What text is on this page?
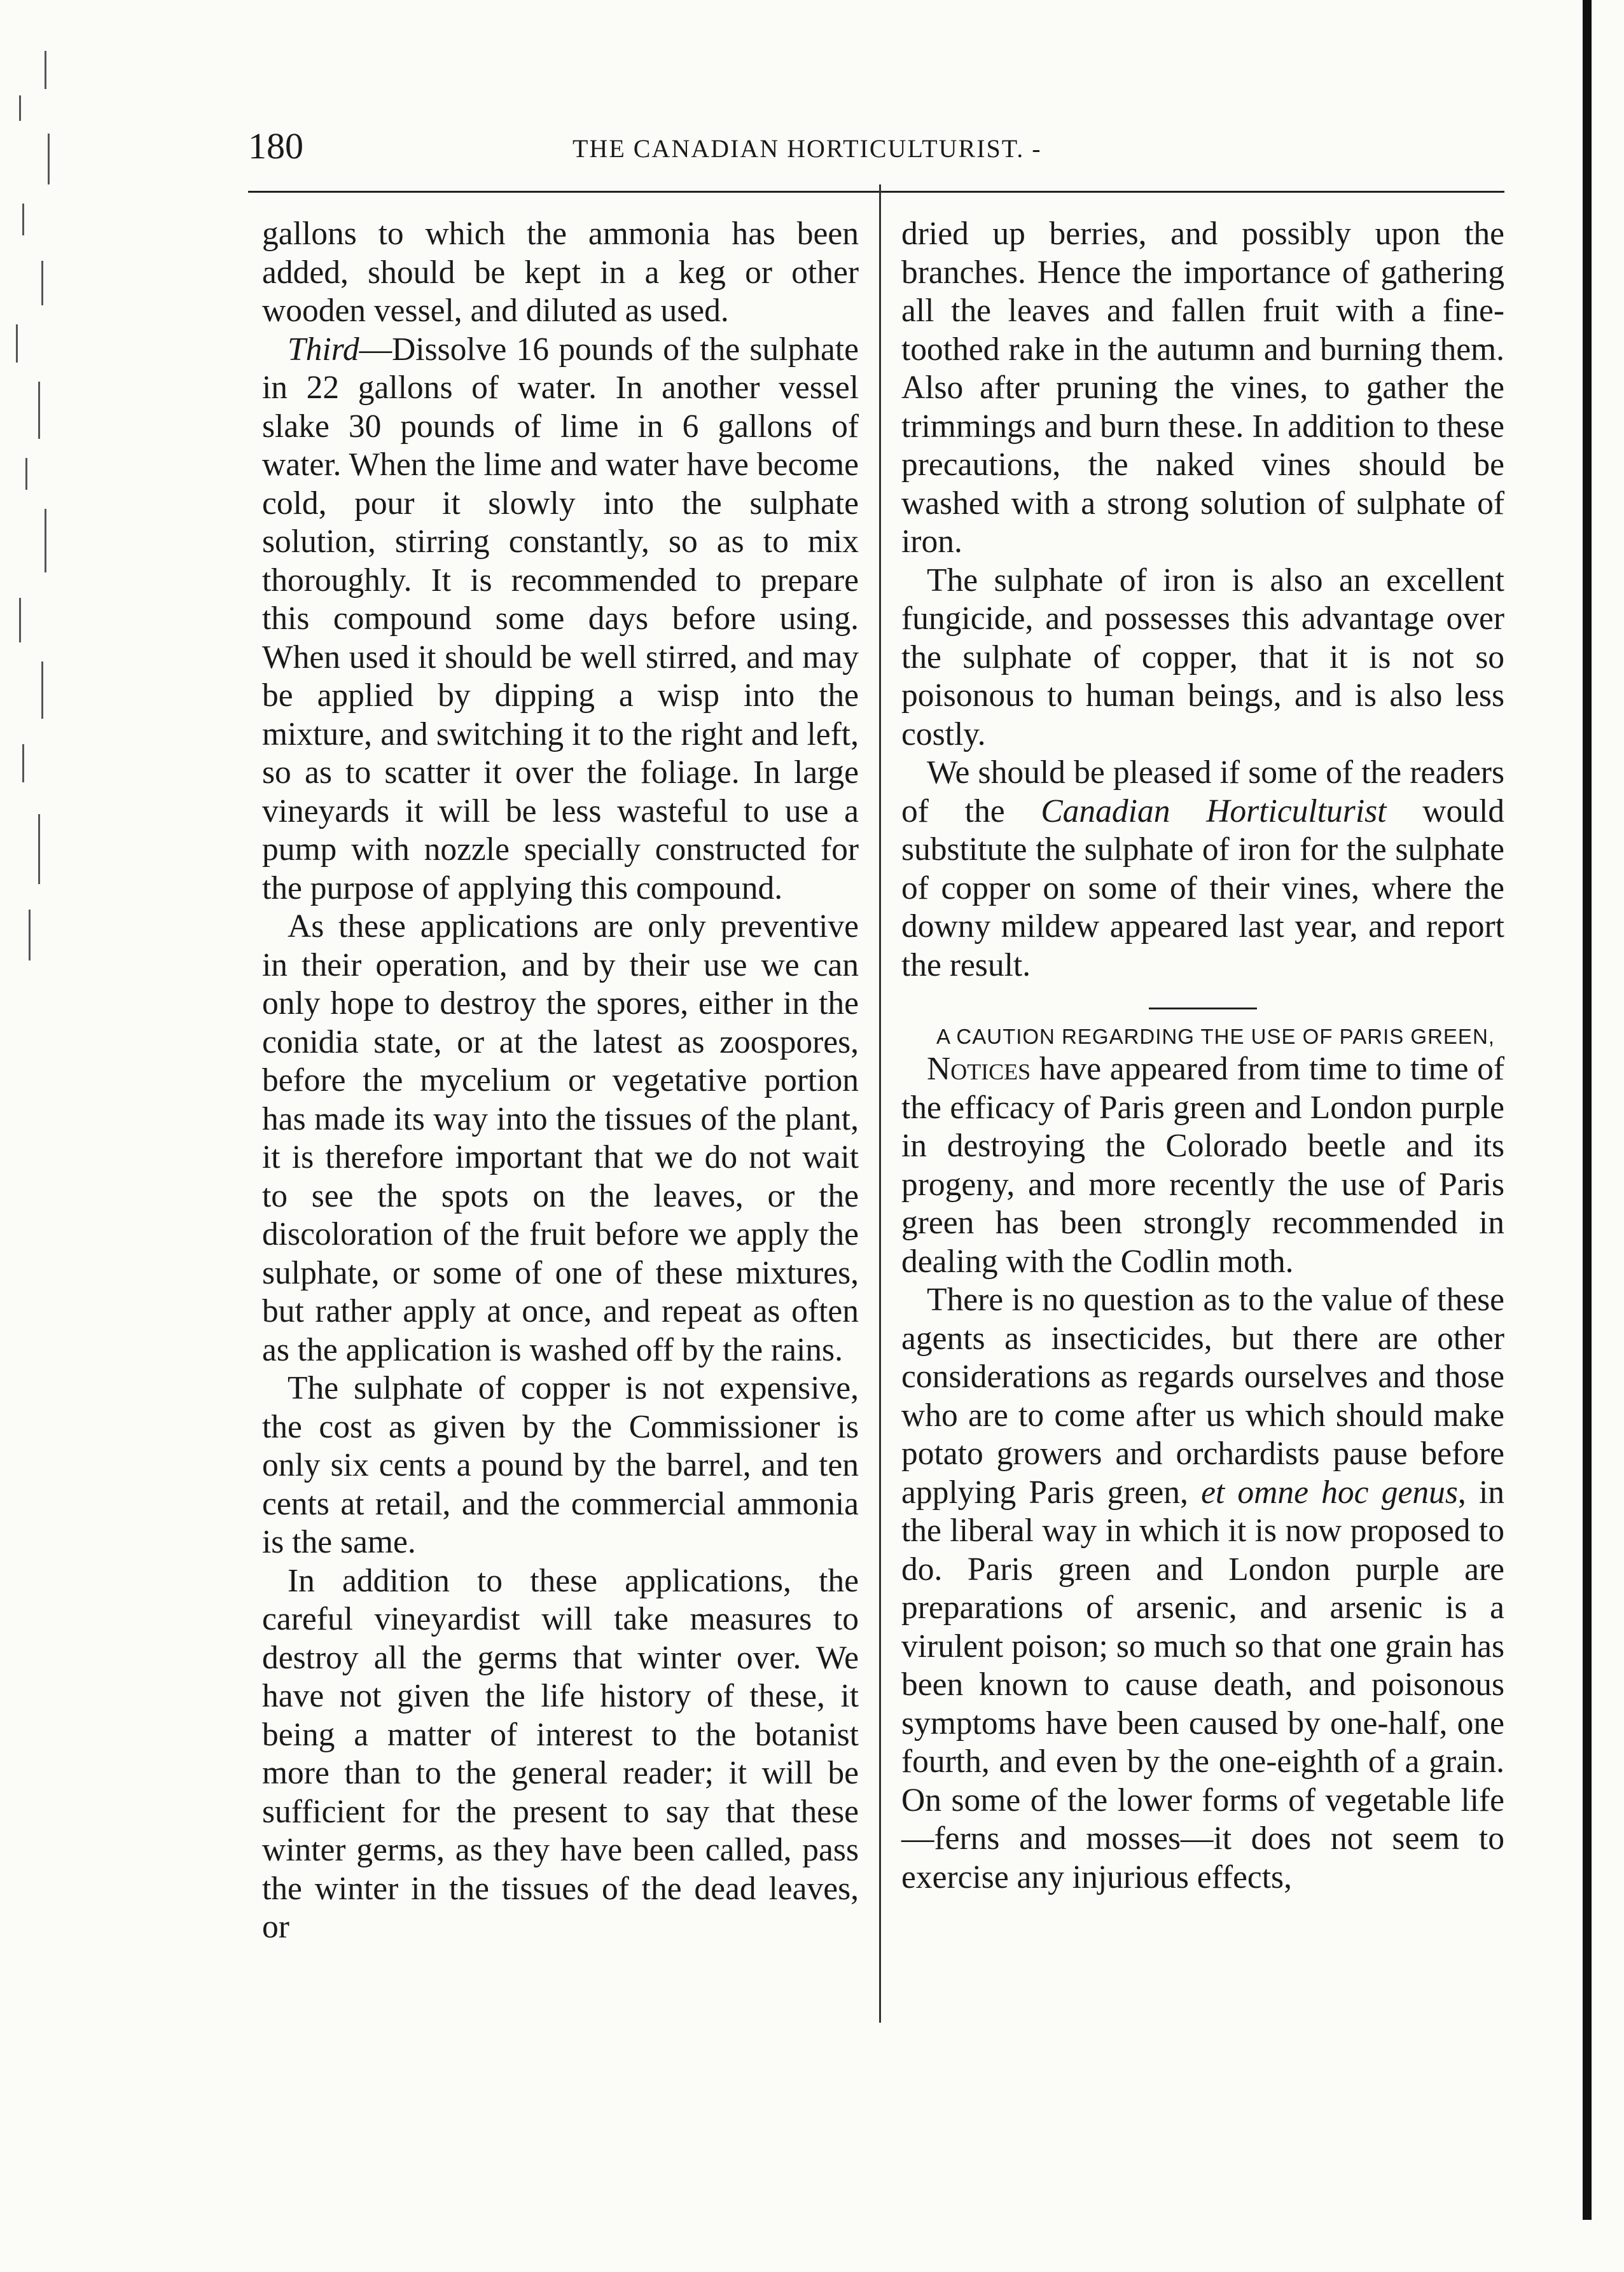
180	THE CANADIAN HORTICULTURIST. -

gallons to which the ammonia has been added, should be kept in a keg or other wooden vessel, and diluted as used.

Third—Dissolve 16 pounds of the sulphate in 22 gallons of water. In another vessel slake 30 pounds of lime in 6 gallons of water. When the lime and water have become cold, pour it slowly into the sulphate solution, stirring constantly, so as to mix thoroughly. It is recommended to prepare this compound some days before using. When used it should be well stirred, and may be applied by dipping a wisp into the mixture, and switching it to the right and left, so as to scatter it over the foliage. In large vineyards it will be less wasteful to use a pump with nozzle specially constructed for the purpose of applying this compound.

As these applications are only preventive in their operation, and by their use we can only hope to destroy the spores, either in the conidia state, or at the latest as zoospores, before the mycelium or vegetative portion has made its way into the tissues of the plant, it is therefore important that we do not wait to see the spots on the leaves, or the discoloration of the fruit before we apply the sulphate, or some of one of these mixtures, but rather apply at once, and repeat as often as the application is washed off by the rains.

The sulphate of copper is not expensive, the cost as given by the Commissioner is only six cents a pound by the barrel, and ten cents at retail, and the commercial ammonia is the same.

In addition to these applications, the careful vineyardist will take measures to destroy all the germs that winter over. We have not given the life history of these, it being a matter of interest to the botanist more than to the general reader; it will be sufficient for the present to say that these winter germs, as they have been called, pass the winter in the tissues of the dead leaves, or

dried up berries, and possibly upon the branches. Hence the importance of gathering all the leaves and fallen fruit with a fine-toothed rake in the autumn and burning them. Also after pruning the vines, to gather the trimmings and burn these. In addition to these precautions, the naked vines should be washed with a strong solution of sulphate of iron.

The sulphate of iron is also an excellent fungicide, and possesses this advantage over the sulphate of copper, that it is not so poisonous to human beings, and is also less costly.

We should be pleased if some of the readers of the Canadian Horticulturist would substitute the sulphate of iron for the sulphate of copper on some of their vines, where the downy mildew appeared last year, and report the result.

A CAUTION REGARDING THE USE OF PARIS GREEN,

Notices have appeared from time to time of the efficacy of Paris green and London purple in destroying the Colorado beetle and its progeny, and more recently the use of Paris green has been strongly recommended in dealing with the Codlin moth.

There is no question as to the value of these agents as insecticides, but there are other considerations as regards ourselves and those who are to come after us which should make potato growers and orchardists pause before applying Paris green, et omne hoc genus, in the liberal way in which it is now proposed to do. Paris green and London purple are preparations of arsenic, and arsenic is a virulent poison; so much so that one grain has been known to cause death, and poisonous symptoms have been caused by one-half, one fourth, and even by the one-eighth of a grain. On some of the lower forms of vegetable life—ferns and mosses—it does not seem to exercise any injurious effects,
